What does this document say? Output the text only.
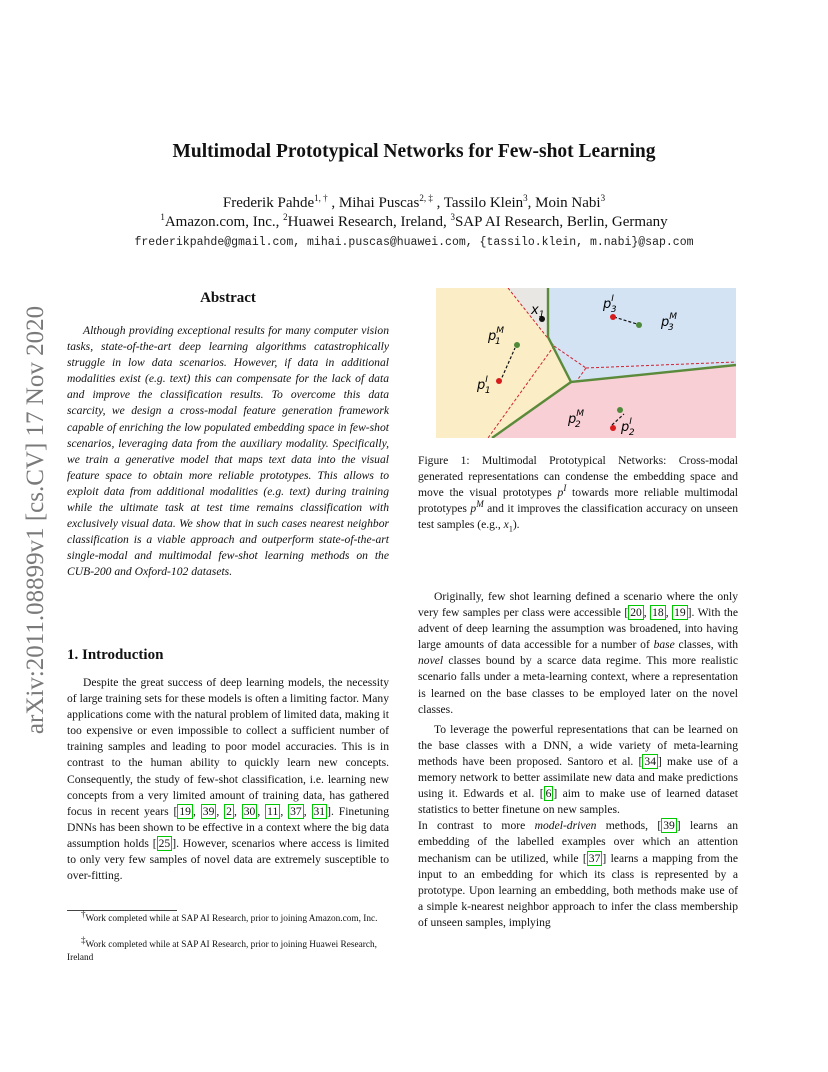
arXiv:2011.08899v1 [cs.CV] 17 Nov 2020
Multimodal Prototypical Networks for Few-shot Learning
Frederik Pahde$^{1, \dagger}$ , Mihai Puscas$^{2, \ddagger}$ , Tassilo Klein$^3$, Moin Nabi$^3$
$^1$Amazon.com, Inc., $^2$Huawei Research, Ireland, $^3$SAP AI Research, Berlin, Germany
frederikpahde@gmail.com, mihai.puscas@huawei.com, {tassilo.klein, m.nabi}@sap.com
Abstract
Although providing exceptional results for many computer vision tasks, state-of-the-art deep learning algorithms catastrophically struggle in low data scenarios. However, if data in additional modalities exist (e.g. text) this can compensate for the lack of data and improve the classification results. To overcome this data scarcity, we design a cross-modal feature generation framework capable of enriching the low populated embedding space in few-shot scenarios, leveraging data from the auxiliary modality. Specifically, we train a generative model that maps text data into the visual feature space to obtain more reliable prototypes. This allows to exploit data from additional modalities (e.g. text) during training while the ultimate task at test time remains classification with exclusively visual data. We show that in such cases nearest neighbor classification is a viable approach and outperform state-of-the-art single-modal and multimodal few-shot learning methods on the CUB-200 and Oxford-102 datasets.
1. Introduction
Despite the great success of deep learning models, the necessity of large training sets for these models is often a limiting factor. Many applications come with the natural problem of limited data, making it too expensive or even impossible to collect a sufficient number of training samples and leading to poor model accuracies. This is in contrast to the human ability to quickly learn new concepts. Consequently, the study of few-shot classification, i.e. learning new concepts from a very limited amount of training data, has gathered focus in recent years [ 19 , 39 , 2 , 30 , 11 , 37 , 31 ]. Finetuning DNNs has been shown to be effective in a context where the big data assumption holds [ 25 ]. However, scenarios where access is limited to only very few samples of novel data are extremely susceptible to over-fitting.
†Work completed while at SAP AI Research, prior to joining Amazon.com, Inc.
‡Work completed while at SAP AI Research, prior to joining Huawei Research, Ireland
$x_1$
$p^M$ 1
$p^I$ 1
$p^I$ 3
$p^M$ 3
$p^M$ 2	$p^I$ 2
Figure 1: Multimodal Prototypical Networks: Cross-modal generated representations can condense the embedding space and move the visual prototypes $p^I$ towards more reliable multimodal prototypes $p^M$ and it improves the classification accuracy on unseen test samples (e.g., $x_1$).

Originally, few shot learning defined a scenario where the only very few samples per class were accessible [ 20 , 18 , 19 ]. With the advent of deep learning the assumption was broadened, into having large amounts of data accessible for a number of base classes, with novel classes bound by a scarce data regime. This more realistic scenario falls under a meta-learning context, where a representation is learned on the base classes to be employed later on the novel classes.

To leverage the powerful representations that can be learned on the base classes with a DNN, a wide variety of meta-learning methods have been proposed. Santoro et al. [ 34 ] make use of a memory network to better assimilate new data and make predictions using it. Edwards et al. [ 6 ] aim to make use of learned dataset statistics to better finetune on new samples.

In contrast to more model-driven methods, [ 39 ] learns an embedding of the labelled examples over which an attention mechanism can be utilized, while [ 37 ] learns a mapping from the input to an embedding for which its class is represented by a prototype. Upon learning an embedding, both methods make use of a simple k-nearest neighbor approach to infer the class membership of unseen samples, implying
